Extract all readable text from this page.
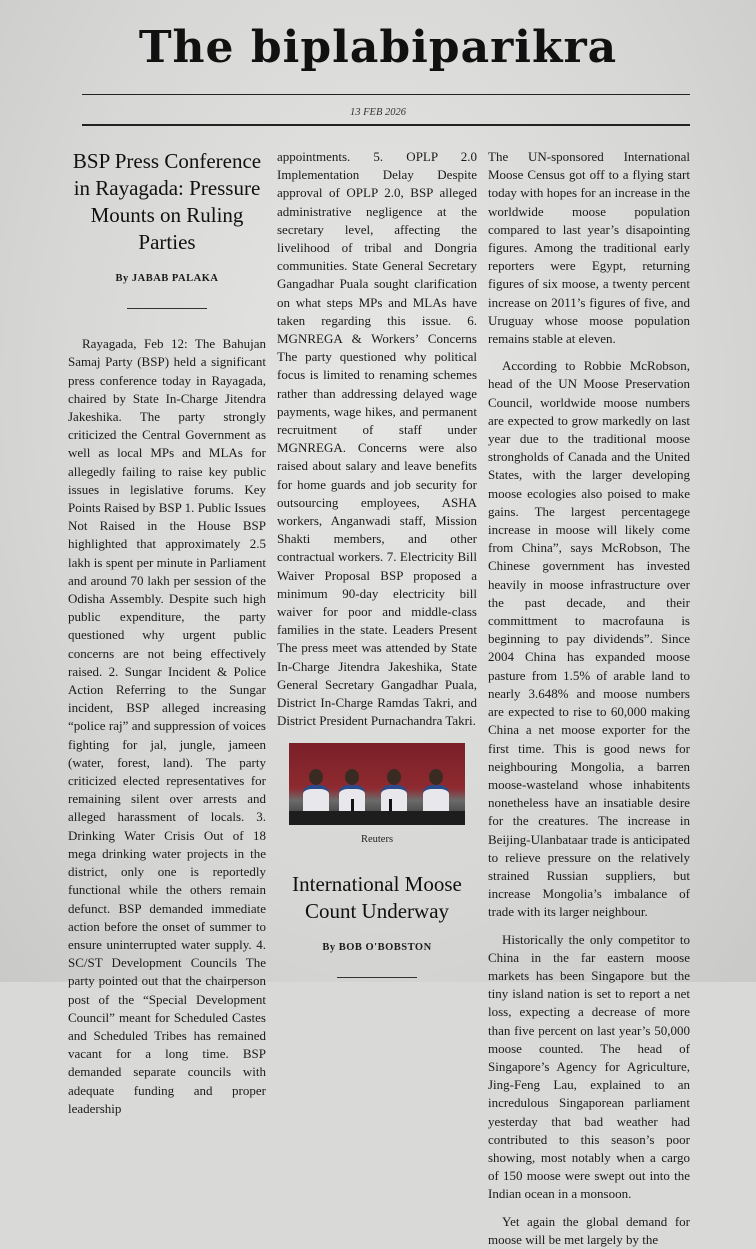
The biplabiparikra
13 FEB 2026
BSP Press Conference in Rayagada: Pressure Mounts on Ruling Parties
By JABAB PALAKA

Rayagada, Feb 12: The Bahujan Samaj Party (BSP) held a significant press conference today in Rayagada, chaired by State In-Charge Jitendra Jakeshika. The party strongly criticized the Central Government as well as local MPs and MLAs for allegedly failing to raise key public issues in legislative forums. Key Points Raised by BSP 1. Public Issues Not Raised in the House BSP highlighted that approximately 2.5 lakh is spent per minute in Parliament and around 70 lakh per session of the Odisha Assembly. Despite such high public expenditure, the party questioned why urgent public concerns are not being effectively raised. 2. Sungar Incident & Police Action Referring to the Sungar incident, BSP alleged increasing “police raj” and suppression of voices fighting for jal, jungle, jameen (water, forest, land). The party criticized elected representatives for remaining silent over arrests and alleged harassment of locals. 3. Drinking Water Crisis Out of 18 mega drinking water projects in the district, only one is reportedly functional while the others remain defunct. BSP demanded immediate action before the onset of summer to ensure uninterrupted water supply. 4. SC/ST Development Councils The party pointed out that the chairperson post of the “Special Development Council” meant for Scheduled Castes and Scheduled Tribes has remained vacant for a long time. BSP demanded separate councils with adequate funding and proper leadership

appointments. 5. OPLP 2.0 Implementation Delay Despite approval of OPLP 2.0, BSP alleged administrative negligence at the secretary level, affecting the livelihood of tribal and Dongria communities. State General Secretary Gangadhar Puala sought clarification on what steps MPs and MLAs have taken regarding this issue. 6. MGNREGA & Workers’ Concerns The party questioned why political focus is limited to renaming schemes rather than addressing delayed wage payments, wage hikes, and permanent recruitment of staff under MGNREGA. Concerns were also raised about salary and leave benefits for home guards and job security for outsourcing employees, ASHA workers, Anganwadi staff, Mission Shakti members, and other contractual workers. 7. Electricity Bill Waiver Proposal BSP proposed a minimum 90-day electricity bill waiver for poor and middle-class families in the state. Leaders Present The press meet was attended by State In-Charge Jitendra Jakeshika, State General Secretary Gangadhar Puala, District In-Charge Ramdas Takri, and District President Purnachandra Takri.

Reuters
International Moose Count Underway
By BOB O'BOBSTON

The UN-sponsored International Moose Census got off to a flying start today with hopes for an increase in the worldwide moose population compared to last year’s disapointing figures. Among the traditional early reporters were Egypt, returning figures of six moose, a twenty percent increase on 2011’s figures of five, and Uruguay whose moose population remains stable at eleven.

According to Robbie McRobson, head of the UN Moose Preservation Council, worldwide moose numbers are expected to grow markedly on last year due to the traditional moose strongholds of Canada and the United States, with the larger developing moose ecologies also poised to make gains. The largest percentagege increase in moose will likely come from China”, says McRobson, The Chinese government has invested heavily in moose infrastructure over the past decade, and their committment to macrofauna is beginning to pay dividends”. Since 2004 China has expanded moose pasture from 1.5% of arable land to nearly 3.648% and moose numbers are expected to rise to 60,000 making China a net moose exporter for the first time. This is good news for neighbouring Mongolia, a barren moose-wasteland whose inhabitents nonetheless have an insatiable desire for the creatures. The increase in Beijing-Ulanbataar trade is anticipated to relieve pressure on the relatively strained Russian suppliers, but increase Mongolia’s imbalance of trade with its larger neighbour.

Historically the only competitor to China in the far eastern moose markets has been Singapore but the tiny island nation is set to report a net loss, expecting a decrease of more than five percent on last year’s 50,000 moose counted. The head of Singapore’s Agency for Agriculture, Jing-Feng Lau, explained to an incredulous Singaporean parliament yesterday that bad weather had contributed to this season’s poor showing, most notably when a cargo of 150 moose were swept out into the Indian ocean in a monsoon.

Yet again the global demand for moose will be met largely by the
